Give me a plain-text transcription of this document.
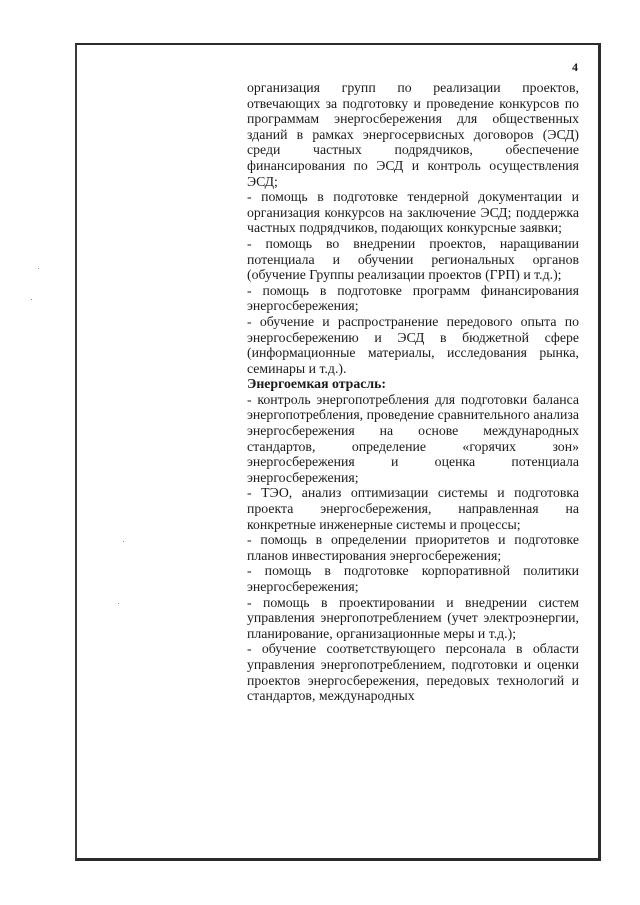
4

организация групп по реализации проектов, отвечающих за подготовку и проведение конкурсов по программам энергосбережения для общественных зданий в рамках энергосервисных договоров (ЭСД) среди частных подрядчиков, обеспечение финансирования по ЭСД и контроль осуществления ЭСД;

- помощь в подготовке тендерной документации и организация конкурсов на заключение ЭСД; поддержка частных подрядчиков, подающих конкурсные заявки;

- помощь во внедрении проектов, наращивании потенциала и обучении региональных органов (обучение Группы реализации проектов (ГРП) и т.д.);

- помощь в подготовке программ финансирования энергосбережения;

- обучение и распространение передового опыта по энергосбережению и ЭСД в бюджетной сфере (информационные материалы, исследования рынка, семинары и т.д.).

Энергоемкая отрасль:

- контроль энергопотребления для подготовки баланса энергопотребления, проведение сравнительного анализа энергосбережения на основе международных стандартов, определение «горячих зон» энергосбережения и оценка потенциала энергосбережения;

- ТЭО, анализ оптимизации системы и подготовка проекта энергосбережения, направленная на конкретные инженерные системы и процессы;

- помощь в определении приоритетов и подготовке планов инвестирования энергосбережения;

- помощь в подготовке корпоративной политики энергосбережения;

- помощь в проектировании и внедрении систем управления энергопотреблением (учет электроэнергии, планирование, организационные меры и т.д.);

- обучение соответствующего персонала в области управления энергопотреблением, подготовки и оценки проектов энергосбережения, передовых технологий и стандартов, международных
